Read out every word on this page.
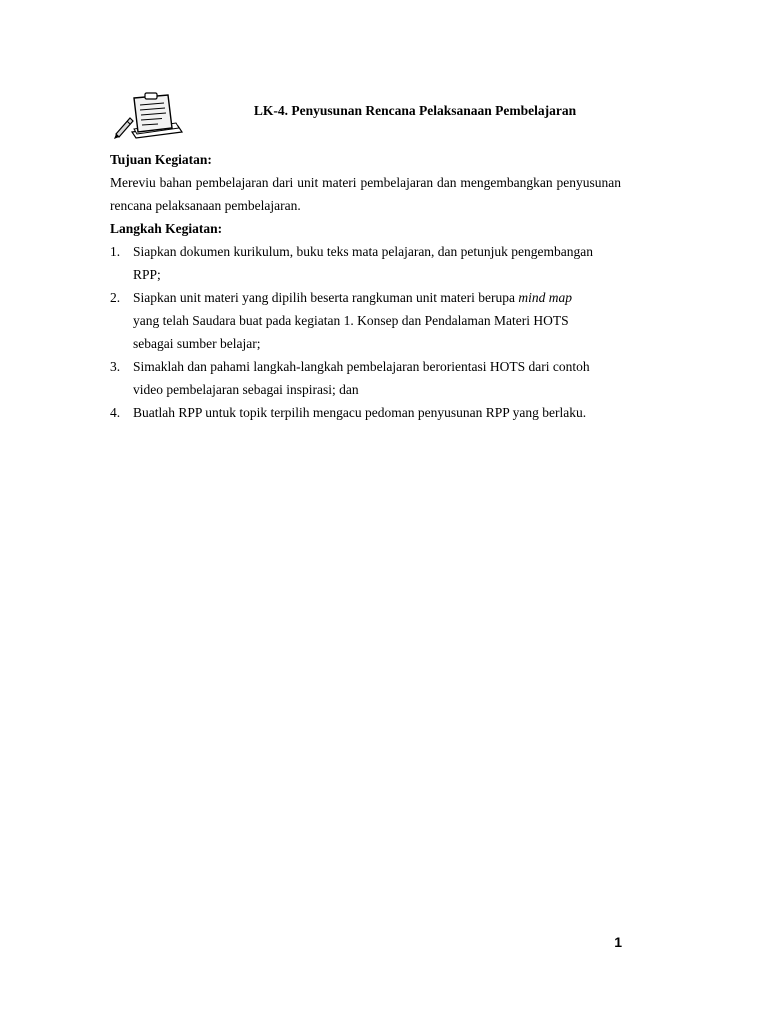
LK-4. Penyusunan Rencana Pelaksanaan Pembelajaran

Tujuan Kegiatan:

Mereviu bahan pembelajaran dari unit materi pembelajaran dan mengembangkan penyusunan rencana pelaksanaan pembelajaran.

Langkah Kegiatan:

1. Siapkan dokumen kurikulum, buku teks mata pelajaran, dan petunjuk pengembangan RPP;
2. Siapkan unit materi yang dipilih beserta rangkuman unit materi berupa mind map
yang telah Saudara buat pada kegiatan 1. Konsep dan Pendalaman Materi HOTS
sebagai sumber belajar;
3. Simaklah dan pahami langkah-langkah pembelajaran berorientasi HOTS dari contoh video pembelajaran sebagai inspirasi; dan
4. Buatlah RPP untuk topik terpilih mengacu pedoman penyusunan RPP yang berlaku.
1
